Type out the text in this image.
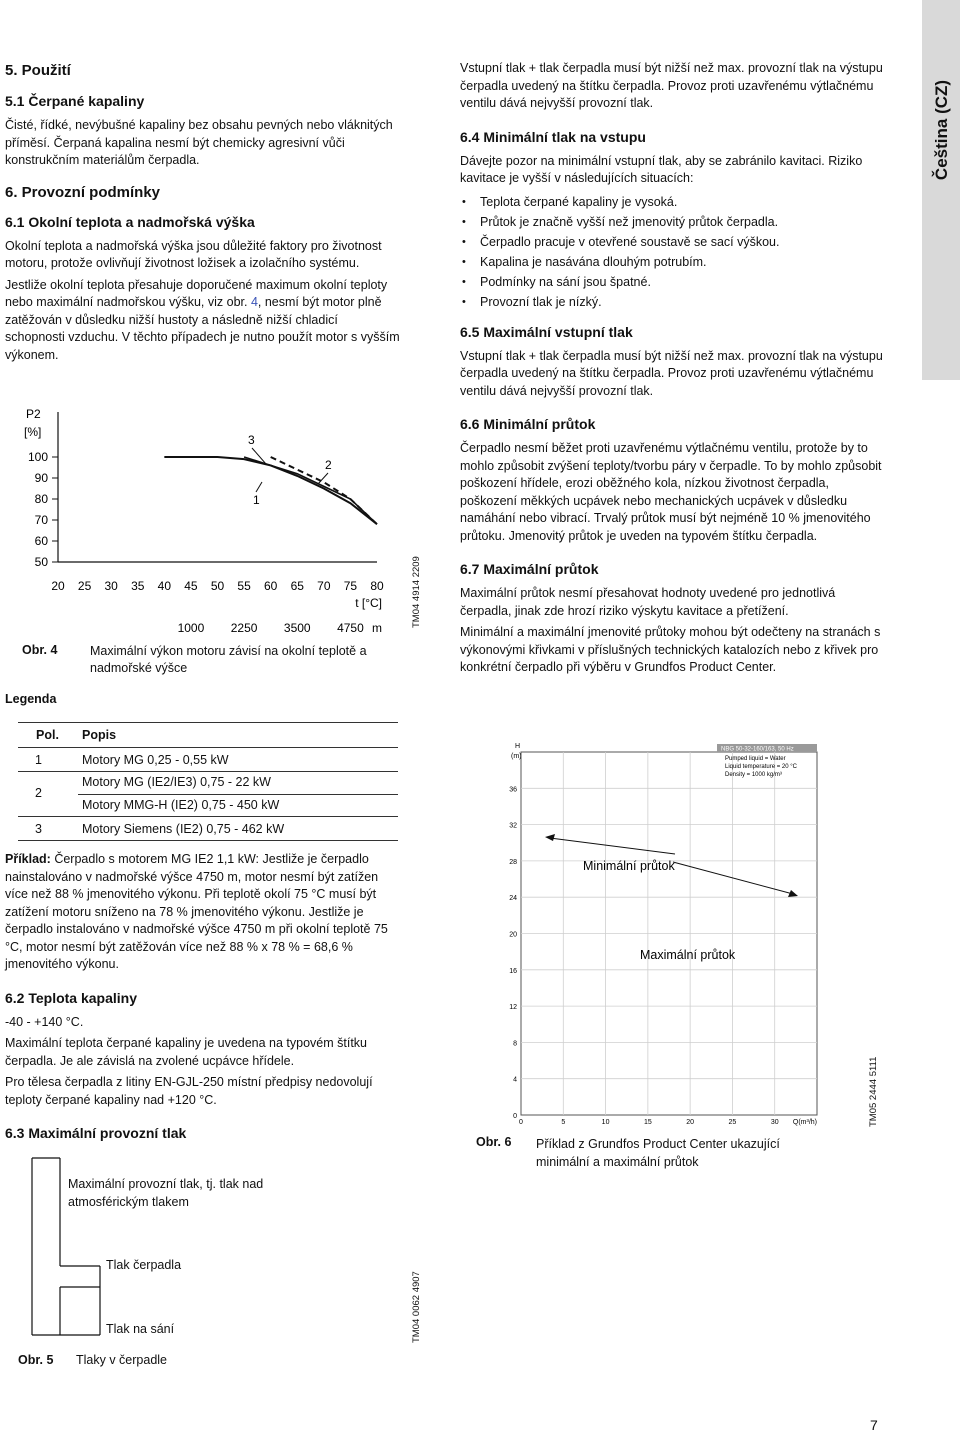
Čeština (CZ)
5. Použití
5.1 Čerpané kapaliny

Čisté, řídké, nevýbušné kapaliny bez obsahu pevných nebo vláknitých příměsí. Čerpaná kapalina nesmí být chemicky agresivní vůči konstrukčním materiálům čerpadla.

6. Provozní podmínky
6.1 Okolní teplota a nadmořská výška

Okolní teplota a nadmořská výška jsou důležité faktory pro životnost motoru, protože ovlivňují životnost ložisek a izolačního systému.

Jestliže okolní teplota přesahuje doporučené maximum okolní teploty nebo maximální nadmořskou výšku, viz obr. 4, nesmí být motor plně zatěžován v důsledku nižší hustoty a následně nižší chladicí schopnosti vzduchu. V těchto případech je nutno použít motor s vyšším výkonem.

P2
[%]
100
90
80
70
60
50
20 25 30 35 40 45 50 55 60 65 70 75 80
t [°C]
1000 2250 3500 4750 m
3
2
1
TM04 4914 2209
Obr. 4	Maximální výkon motoru závisí na okolní teplotě a nadmořské výšce
Legenda
Pol. Popis
1	Motory MG 0,25 - 0,55 kW
2
Motory MG (IE2/IE3) 0,75 - 22 kW
Motory MMG-H (IE2) 0,75 - 450 kW
3	Motory Siemens (IE2) 0,75 - 462 kW

Příklad: Čerpadlo s motorem MG IE2 1,1 kW: Jestliže je čerpadlo nainstalováno v nadmořské výšce 4750 m, motor nesmí být zatížen více než 88 % jmenovitého výkonu. Při teplotě okolí 75 °C musí být zatížení motoru sníženo na 78 % jmenovitého výkonu. Jestliže je čerpadlo instalováno v nadmořské výšce 4750 m při okolní teplotě 75 °C, motor nesmí být zatěžován více než 88 % x 78 % = 68,6 % jmenovitého výkonu.

6.2 Teplota kapaliny

-40 - +140 °C.

Maximální teplota čerpané kapaliny je uvedena na typovém štítku čerpadla. Je ale závislá na zvolené ucpávce hřídele.

Pro tělesa čerpadla z litiny EN-GJL-250 místní předpisy nedovolují teploty čerpané kapaliny nad +120 °C.

6.3 Maximální provozní tlak
Maximální provozní tlak, tj. tlak nad
atmosférickým tlakem
Tlak čerpadla
Tlak na sání	TM04 0062 4907
Obr. 5 Tlaky v čerpadle

Vstupní tlak + tlak čerpadla musí být nižší než max. provozní tlak na výstupu čerpadla uvedený na štítku čerpadla. Provoz proti uzavřenému výtlačnému ventilu dává nejvyšší provozní tlak.

6.4 Minimální tlak na vstupu

Dávejte pozor na minimální vstupní tlak, aby se zabránilo kavitaci. Riziko kavitace je vyšší v následujících situacích:

• Teplota čerpané kapaliny je vysoká.
• Průtok je značně vyšší než jmenovitý průtok čerpadla.
• Čerpadlo pracuje v otevřené soustavě se sací výškou.
• Kapalina je nasávána dlouhým potrubím.
• Podmínky na sání jsou špatné.
• Provozní tlak je nízký.
6.5 Maximální vstupní tlak

Vstupní tlak + tlak čerpadla musí být nižší než max. provozní tlak na výstupu čerpadla uvedený na štítku čerpadla. Provoz proti uzavřenému výtlačnému ventilu dává nejvyšší provozní tlak.

6.6 Minimální průtok

Čerpadlo nesmí běžet proti uzavřenému výtlačnému ventilu, protože by to mohlo způsobit zvýšení teploty/tvorbu páry v čerpadle. To by mohlo způsobit poškození hřídele, erozi oběžného kola, nízkou životnost čerpadla, poškození měkkých ucpávek nebo mechanických ucpávek v důsledku namáhání nebo vibrací. Trvalý průtok musí být nejméně 10 % jmenovitého průtoku. Jmenovitý průtok je uveden na typovém štítku čerpadla.

6.7 Maximální průtok

Maximální průtok nesmí přesahovat hodnoty uvedené pro jednotlivá čerpadla, jinak zde hrozí riziko výskytu kavitace a přetížení.

Minimální a maximální jmenovité průtoky mohou být odečteny na stranách s výkonovými křivkami v příslušných technických katalozích nebo z křivek pro konkrétní čerpadlo při výběru v Grundfos Product Center.

H
(m)
36
32
28
24
20
16
12
8
4
0
0	5	10	15	20	25	30 Q(m³/h)
NBG 50-32-160/163, 50 Hz
Pumped liquid = Water
Liquid temperature = 20 °C
Density = 1000 kg/m³
Minimální průtok
Maximální průtok
TM05 2444 5111
Obr. 6 Příklad z Grundfos Product Center ukazující minimální a maximální průtok
7
